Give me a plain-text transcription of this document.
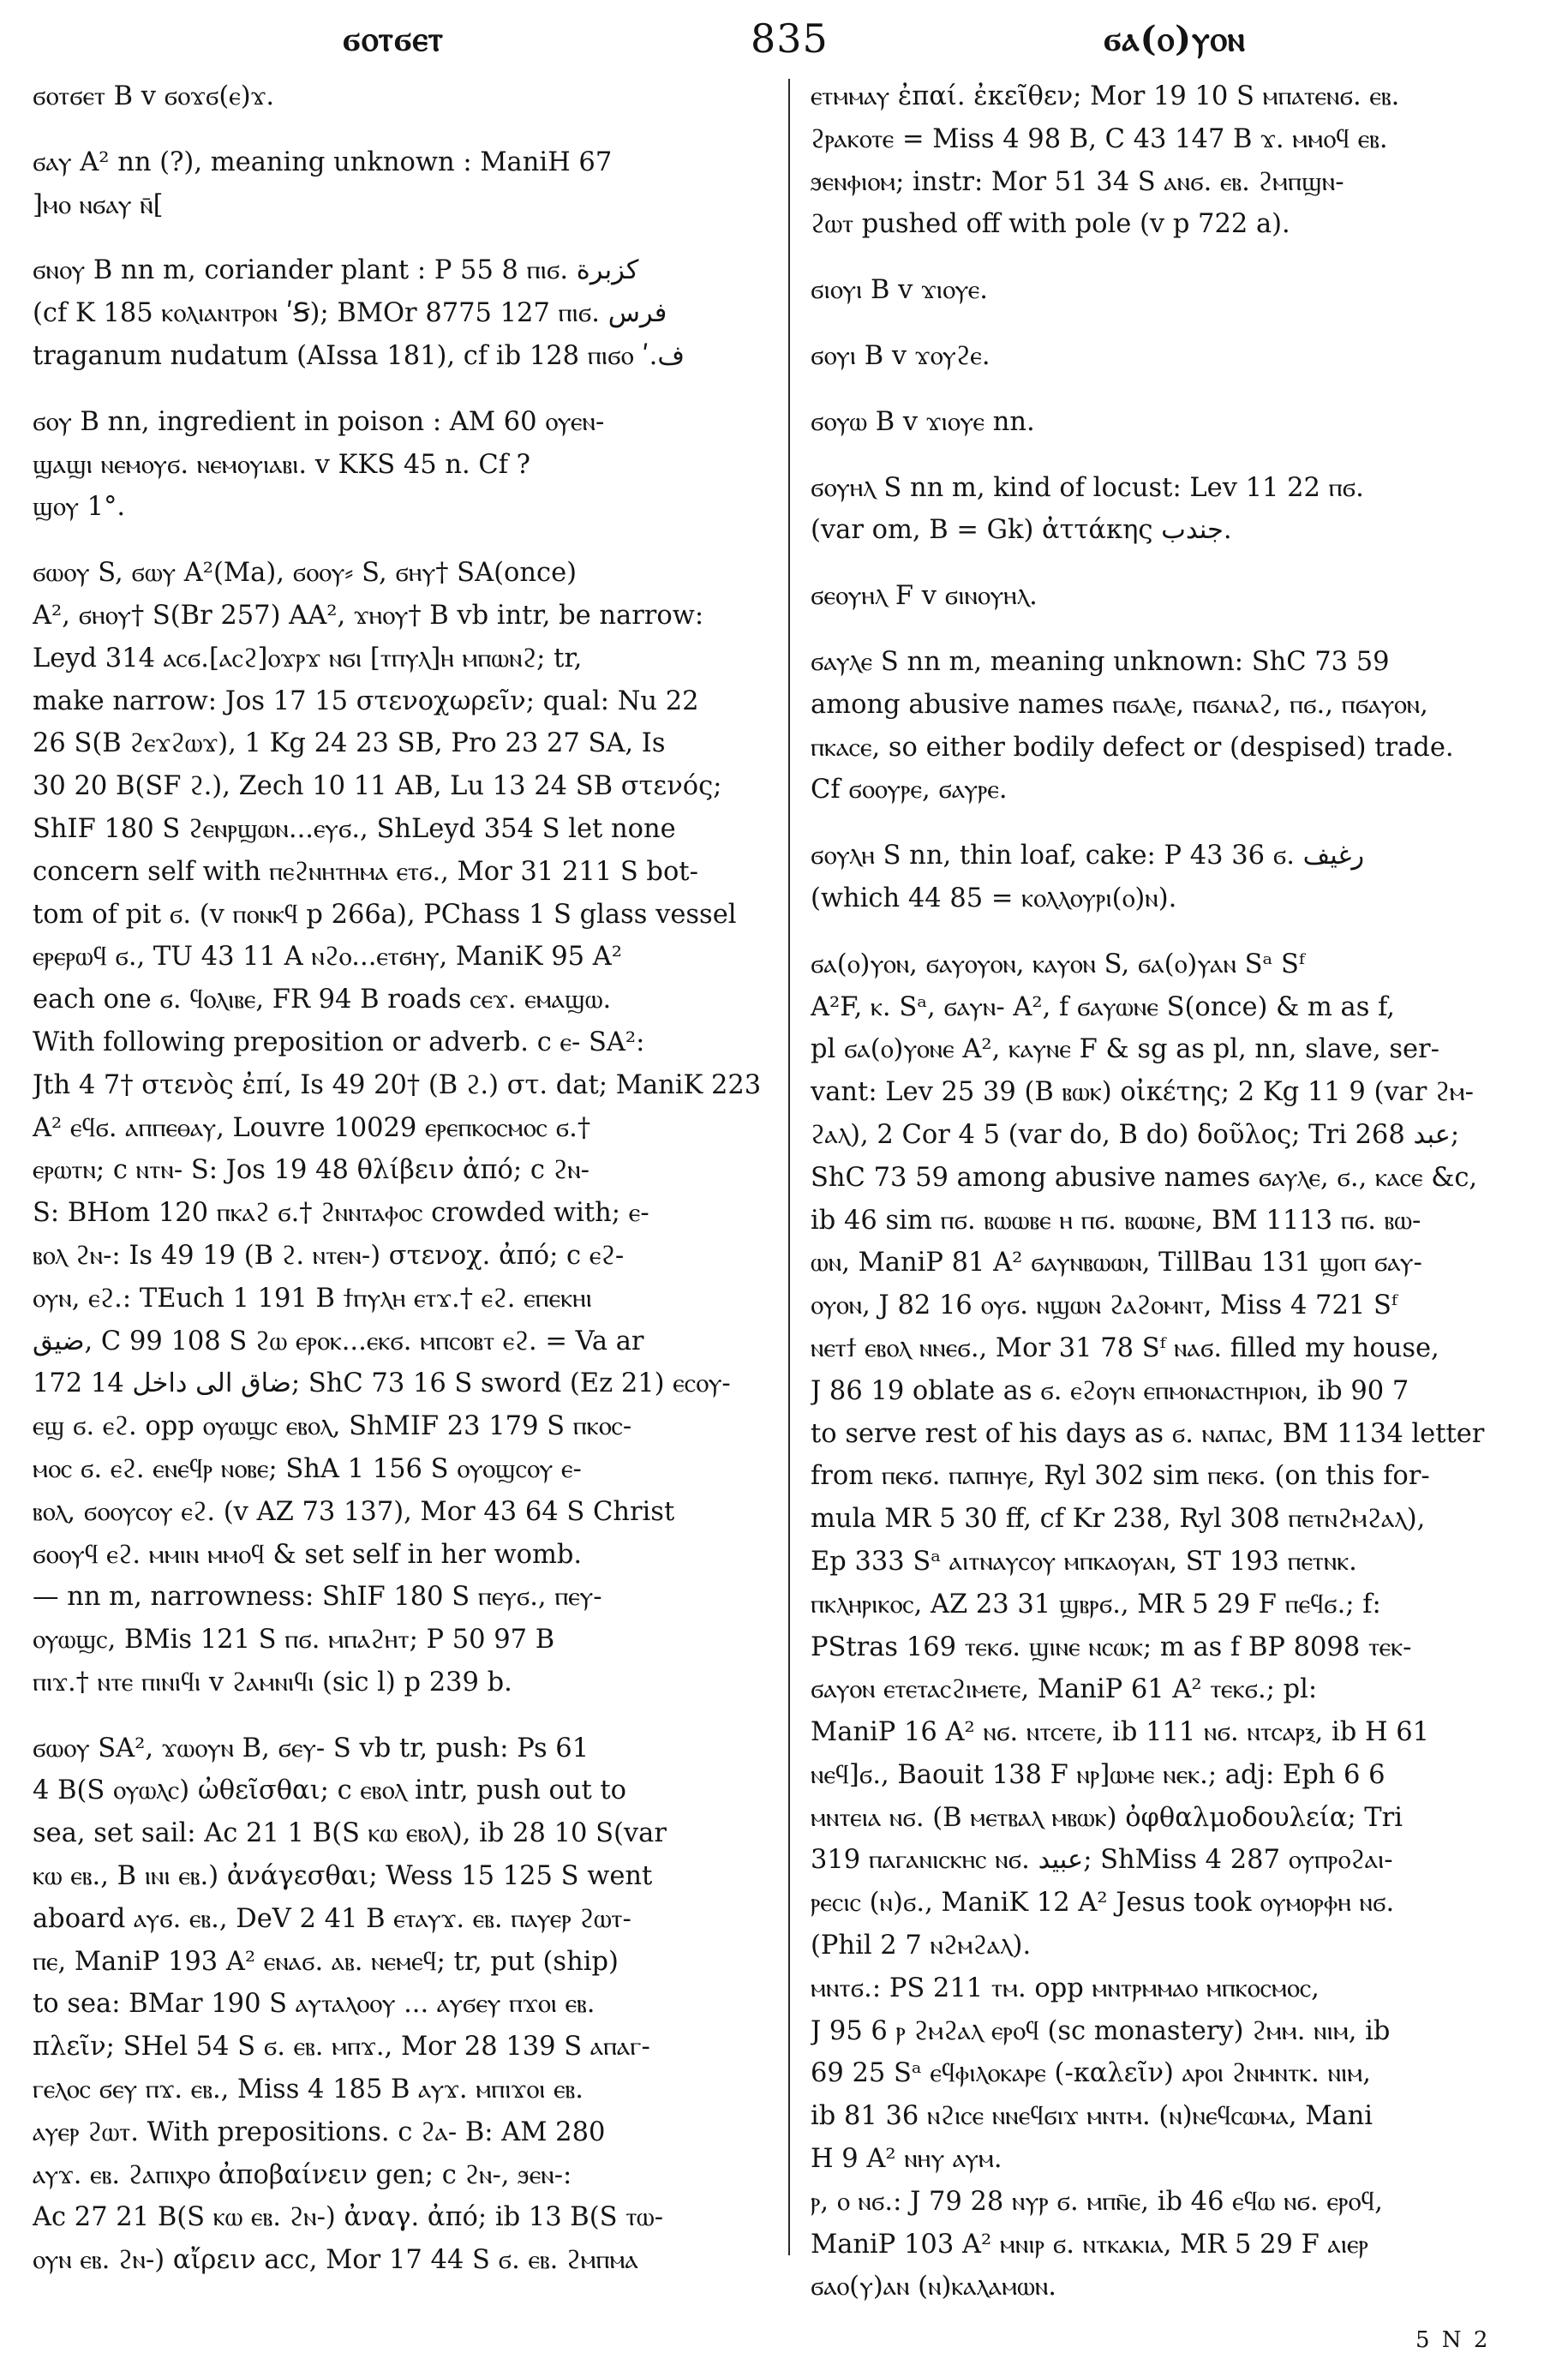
ϭⲟⲧϭⲉⲧ	835	ϭⲁ(ⲟ)ⲩⲟⲛ
ϭⲟⲧϭⲉⲧ B v ϭⲟϫϭ(ⲉ)ϫ.
ϭⲁⲩ A² nn (?), meaning unknown : ManiH 67
]ⲙⲟ ⲛϭⲁⲩ ⲛ̄[
ϭⲛⲟⲩ B nn m, coriander plant : P 55 8 ⲡⲓϭ. كزبرة
(cf K 185 ⲕⲟⲗⲓⲁⲛⲧⲣⲟⲛ ʹꞨ); BMOr 8775 127 ⲡⲓϭ. فرس
traganum nudatum (AIssa 181), cf ib 128 ⲡⲓϭⲟ ʹ.ف
ϭⲟⲩ B nn, ingredient in poison : AM 60 ⲟⲩⲉⲛ-
ϣⲁϣⲓ ⲛⲉⲙⲟⲩϭ. ⲛⲉⲙⲟⲩⲓⲁⲃⲓ. v KKS 45 n. Cf ?
ϣⲟⲩ 1°.
ϭⲱⲟⲩ S, ϭⲱⲩ A²(Ma), ϭⲟⲟⲩ⸗ S, ϭⲏⲩ† SA(once)
A², ϭⲏⲟⲩ† S(Br 257) AA², ϫⲏⲟⲩ† B vb intr, be narrow:
Leyd 314 ⲁⲥϭ.[ⲁⲥϩ]ⲟϫⲣϫ ⲛϭⲓ [ⲧⲡⲩⲗ]ⲏ ⲙⲡⲱⲛϩ; tr,
make narrow: Jos 17 15 στενοχωρεῖν; qual: Nu 22
26 S(B ϩⲉϫϩⲱϫ), 1 Kg 24 23 SB, Pro 23 27 SA, Is
30 20 B(SF ϩ.), Zech 10 11 AB, Lu 13 24 SB στενός;
ShIF 180 S ϩⲉⲛⲣϣⲱⲛ...ⲉⲩϭ., ShLeyd 354 S let none
concern self with ⲡⲉϩⲛⲏⲧⲏⲙⲁ ⲉⲧϭ., Mor 31 211 S bot-
tom of pit ϭ. (v ⲡⲟⲛⲕϥ p 266a), PChass 1 S glass vessel
ⲉⲣⲉⲣⲱϥ ϭ., TU 43 11 A ⲛϩⲟ...ⲉⲧϭⲏⲩ, ManiK 95 A²
each one ϭ. ϥⲟⲗⲓⲃⲉ, FR 94 B roads ⲥⲉϫ. ⲉⲙⲁϣⲱ.
With following preposition or adverb. c ⲉ- SA²:
Jth 4 7† στενὸς ἐπί, Is 49 20† (B ϩ.) στ. dat; ManiK 223
A² ⲉϥϭ. ⲁⲡⲡⲉⲑⲁⲩ, Louvre 10029 ⲉⲣⲉⲡⲕⲟⲥⲙⲟⲥ ϭ.†
ⲉⲣⲱⲧⲛ; c ⲛⲧⲛ- S: Jos 19 48 θλίβειν ἀπό; c ϩⲛ-
S: BHom 120 ⲡⲕⲁϩ ϭ.† ϩⲛⲛⲧⲁⲫⲟⲥ crowded with; ⲉ-
ⲃⲟⲗ ϩⲛ-: Is 49 19 (B ϩ. ⲛⲧⲉⲛ-) στενοχ. ἀπό; c ⲉϩ-
ⲟⲩⲛ, ⲉϩ.: TEuch 1 191 B ϯⲡⲩⲗⲏ ⲉⲧϫ.† ⲉϩ. ⲉⲡⲉⲕⲏⲓ
ضيق, C 99 108 S ϩⲱ ⲉⲣⲟⲕ...ⲉⲕϭ. ⲙⲡⲥⲟⲃⲧ ⲉϩ. = Va ar
172 14 ضاق الى داخل; ShC 73 16 S sword (Ez 21) ⲉⲥⲟⲩ-
ⲉϣ ϭ. ⲉϩ. opp ⲟⲩⲱϣⲥ ⲉⲃⲟⲗ, ShMIF 23 179 S ⲡⲕⲟⲥ-
ⲙⲟⲥ ϭ. ⲉϩ. ⲉⲛⲉϥⲣ ⲛⲟⲃⲉ; ShA 1 156 S ⲟⲩⲟϣⲥⲟⲩ ⲉ-
ⲃⲟⲗ, ϭⲟⲟⲩⲥⲟⲩ ⲉϩ. (v AZ 73 137), Mor 43 64 S Christ
ϭⲟⲟⲩϥ ⲉϩ. ⲙⲙⲓⲛ ⲙⲙⲟϥ & set self in her womb.
— nn m, narrowness: ShIF 180 S ⲡⲉⲩϭ., ⲡⲉⲩ-
ⲟⲩⲱϣⲥ, BMis 121 S ⲡϭ. ⲙⲡⲁϩⲏⲧ; P 50 97 B
ⲡⲓϫ.† ⲛⲧⲉ ⲡⲓⲛⲓϥⲓ v ϩⲁⲙⲛⲓϥⲓ (sic l) p 239 b.
ϭⲱⲟⲩ SA², ϫⲱⲟⲩⲛ B, ϭⲉⲩ- S vb tr, push: Ps 61
4 B(S ⲟⲩⲱⲗⲥ) ὠθεῖσθαι; c ⲉⲃⲟⲗ intr, push out to
sea, set sail: Ac 21 1 B(S ⲕⲱ ⲉⲃⲟⲗ), ib 28 10 S(var
ⲕⲱ ⲉⲃ., B ⲓⲛⲓ ⲉⲃ.) ἀνάγεσθαι; Wess 15 125 S went
aboard ⲁⲩϭ. ⲉⲃ., DeV 2 41 B ⲉⲧⲁⲩϫ. ⲉⲃ. ⲡⲁⲩⲉⲣ ϩⲱⲧ-
ⲡⲉ, ManiP 193 A² ⲉⲛⲁϭ. ⲁⲃ. ⲛⲉⲙⲉϥ; tr, put (ship)
to sea: BMar 190 S ⲁⲩⲧⲁⲗⲟⲟⲩ ... ⲁⲩϭⲉⲩ ⲡϫⲟⲓ ⲉⲃ.
πλεῖν; SHel 54 S ϭ. ⲉⲃ. ⲙⲡϫ., Mor 28 139 S ⲁⲡⲁⲅ-
ⲅⲉⲗⲟⲥ ϭⲉⲩ ⲡϫ. ⲉⲃ., Miss 4 185 B ⲁⲩϫ. ⲙⲡⲓϫⲟⲓ ⲉⲃ.
ⲁⲩⲉⲣ ϩⲱⲧ. With prepositions. c ϩⲁ- B: AM 280
ⲁⲩϫ. ⲉⲃ. ϩⲁⲡⲓⲭⲣⲟ ἀποβαίνειν gen; c ϩⲛ-, ϧⲉⲛ-:
Ac 27 21 B(S ⲕⲱ ⲉⲃ. ϩⲛ-) ἀναγ. ἀπό; ib 13 B(S ⲧⲱ-
ⲟⲩⲛ ⲉⲃ. ϩⲛ-) αἴρειν acc, Mor 17 44 S ϭ. ⲉⲃ. ϩⲙⲡⲙⲁ
ⲉⲧⲙⲙⲁⲩ ἐπαί. ἐκεῖθεν; Mor 19 10 S ⲙⲡⲁⲧⲉⲛϭ. ⲉⲃ.
ϩⲣⲁⲕⲟⲧⲉ = Miss 4 98 B, C 43 147 B ϫ. ⲙⲙⲟϥ ⲉⲃ.
ϧⲉⲛⲫⲓⲟⲙ; instr: Mor 51 34 S ⲁⲛϭ. ⲉⲃ. ϩⲙⲡϣⲛ-
ϩⲱⲧ pushed off with pole (v p 722 a).
ϭⲓⲟⲩⲓ B v ϫⲓⲟⲩⲉ.
ϭⲟⲩⲓ B v ϫⲟⲩϩⲉ.
ϭⲟⲩⲱ B v ϫⲓⲟⲩⲉ nn.
ϭⲟⲩⲏⲗ S nn m, kind of locust: Lev 11 22 ⲡϭ.
(var om, B = Gk) ἀττάκης جندب.
ϭⲉⲟⲩⲏⲗ F v ϭⲓⲛⲟⲩⲏⲗ.
ϭⲁⲩⲗⲉ S nn m, meaning unknown: ShC 73 59
among abusive names ⲡϭⲁⲗⲉ, ⲡϭⲁⲛⲁϩ, ⲡϭ., ⲡϭⲁⲩⲟⲛ,
ⲡⲕⲁⲥⲉ, so either bodily defect or (despised) trade.
Cf ϭⲟⲟⲩⲣⲉ, ϭⲁⲩⲣⲉ.
ϭⲟⲩⲗⲏ S nn, thin loaf, cake: P 43 36 ϭ. رغيف
(which 44 85 = ⲕⲟⲗⲗⲟⲩⲣⲓ(ⲟ)ⲛ).
ϭⲁ(ⲟ)ⲩⲟⲛ, ϭⲁⲩⲟⲩⲟⲛ, ⲕⲁⲩⲟⲛ S, ϭⲁ(ⲟ)ⲩⲁⲛ Sᵃ Sᶠ
A²F, ⲕ. Sᵃ, ϭⲁⲩⲛ- A², f ϭⲁⲩⲱⲛⲉ S(once) & m as f,
pl ϭⲁ(ⲟ)ⲩⲟⲛⲉ A², ⲕⲁⲩⲛⲉ F & sg as pl, nn, slave, ser-
vant: Lev 25 39 (B ⲃⲱⲕ) οἰκέτης; 2 Kg 11 9 (var ϩⲙ-
ϩⲁⲗ), 2 Cor 4 5 (var do, B do) δοῦλος; Tri 268 عبد;
ShC 73 59 among abusive names ϭⲁⲩⲗⲉ, ϭ., ⲕⲁⲥⲉ &c,
ib 46 sim ⲡϭ. ⲃⲱⲱⲃⲉ ⲏ ⲡϭ. ⲃⲱⲱⲛⲉ, BM 1113 ⲡϭ. ⲃⲱ-
ⲱⲛ, ManiP 81 A² ϭⲁⲩⲛⲃⲱⲱⲛ, TillBau 131 ϣⲟⲡ ϭⲁⲩ-
ⲟⲩⲟⲛ, J 82 16 ⲟⲩϭ. ⲛϣⲱⲛ ϩⲁϩⲟⲙⲛⲧ, Miss 4 721 Sᶠ
ⲛⲉⲧϯ ⲉⲃⲟⲗ ⲛⲛⲉϭ., Mor 31 78 Sᶠ ⲛⲁϭ. filled my house,
J 86 19 oblate as ϭ. ⲉϩⲟⲩⲛ ⲉⲡⲙⲟⲛⲁⲥⲧⲏⲣⲓⲟⲛ, ib 90 7
to serve rest of his days as ϭ. ⲛⲁⲡⲁⲥ, BM 1134 letter
from ⲡⲉⲕϭ. ⲡⲁⲡⲏⲩⲉ, Ryl 302 sim ⲡⲉⲕϭ. (on this for-
mula MR 5 30 ff, cf Kr 238, Ryl 308 ⲡⲉⲧⲛϩⲙϩⲁⲗ),
Ep 333 Sᵃ ⲁⲓⲧⲛⲁⲩⲥⲟⲩ ⲙⲡⲕⲁⲟⲩⲁⲛ, ST 193 ⲡⲉⲧⲛⲕ.
ⲡⲕⲗⲏⲣⲓⲕⲟⲥ, AZ 23 31 ϣⲃⲣϭ., MR 5 29 F ⲡⲉϥϭ.; f:
PStras 169 ⲧⲉⲕϭ. ϣⲓⲛⲉ ⲛⲥⲱⲕ; m as f BP 8098 ⲧⲉⲕ-
ϭⲁⲩⲟⲛ ⲉⲧⲉⲧⲁⲥϩⲓⲙⲉⲧⲉ, ManiP 61 A² ⲧⲉⲕϭ.; pl:
ManiP 16 A² ⲛϭ. ⲛⲧⲥⲉⲧⲉ, ib 111 ⲛϭ. ⲛⲧⲥⲁⲣⲝ, ib H 61
ⲛⲉϥ]ϭ., Baouit 138 F ⲛⲣ]ⲱⲙⲉ ⲛⲉⲕ.; adj: Eph 6 6
ⲙⲛⲧⲉⲓⲁ ⲛϭ. (B ⲙⲉⲧⲃⲁⲗ ⲙⲃⲱⲕ) ὀφθαλμοδουλεία; Tri
319 ⲡⲁⲅⲁⲛⲓⲥⲕⲏⲥ ⲛϭ. عبيد; ShMiss 4 287 ⲟⲩⲡⲣⲟϩⲁⲓ-
ⲣⲉⲥⲓⲥ (ⲛ)ϭ., ManiK 12 A² Jesus took ⲟⲩⲙⲟⲣⲫⲏ ⲛϭ.
(Phil 2 7 ⲛϩⲙϩⲁⲗ).
ⲙⲛⲧϭ.: PS 211 ⲧⲙ. opp ⲙⲛⲧⲣⲙⲙⲁⲟ ⲙⲡⲕⲟⲥⲙⲟⲥ,
J 95 6 ⲣ ϩⲙϩⲁⲗ ⲉⲣⲟϥ (sc monastery) ϩⲙⲙ. ⲛⲓⲙ, ib
69 25 Sᵃ ⲉϥⲫⲓⲗⲟⲕⲁⲣⲉ (-καλεῖν) ⲁⲣⲟⲓ ϩⲛⲙⲛⲧⲕ. ⲛⲓⲙ,
ib 81 36 ⲛϩⲓⲥⲉ ⲛⲛⲉϥϭⲓϫ ⲙⲛⲧⲙ. (ⲛ)ⲛⲉϥⲥⲱⲙⲁ, Mani
H 9 A² ⲛⲏⲩ ⲁⲩⲙ.
ⲣ, ⲟ ⲛϭ.: J 79 28 ⲛⲩⲣ ϭ. ⲙⲡⲛ̄ⲉ, ib 46 ⲉϥⲱ ⲛϭ. ⲉⲣⲟϥ,
ManiP 103 A² ⲙⲛⲓⲣ ϭ. ⲛⲧⲕⲁⲕⲓⲁ, MR 5 29 F ⲁⲓⲉⲣ
ϭⲁⲟ(ⲩ)ⲁⲛ (ⲛ)ⲕⲁⲗⲁⲙⲱⲛ.
5 N 2
